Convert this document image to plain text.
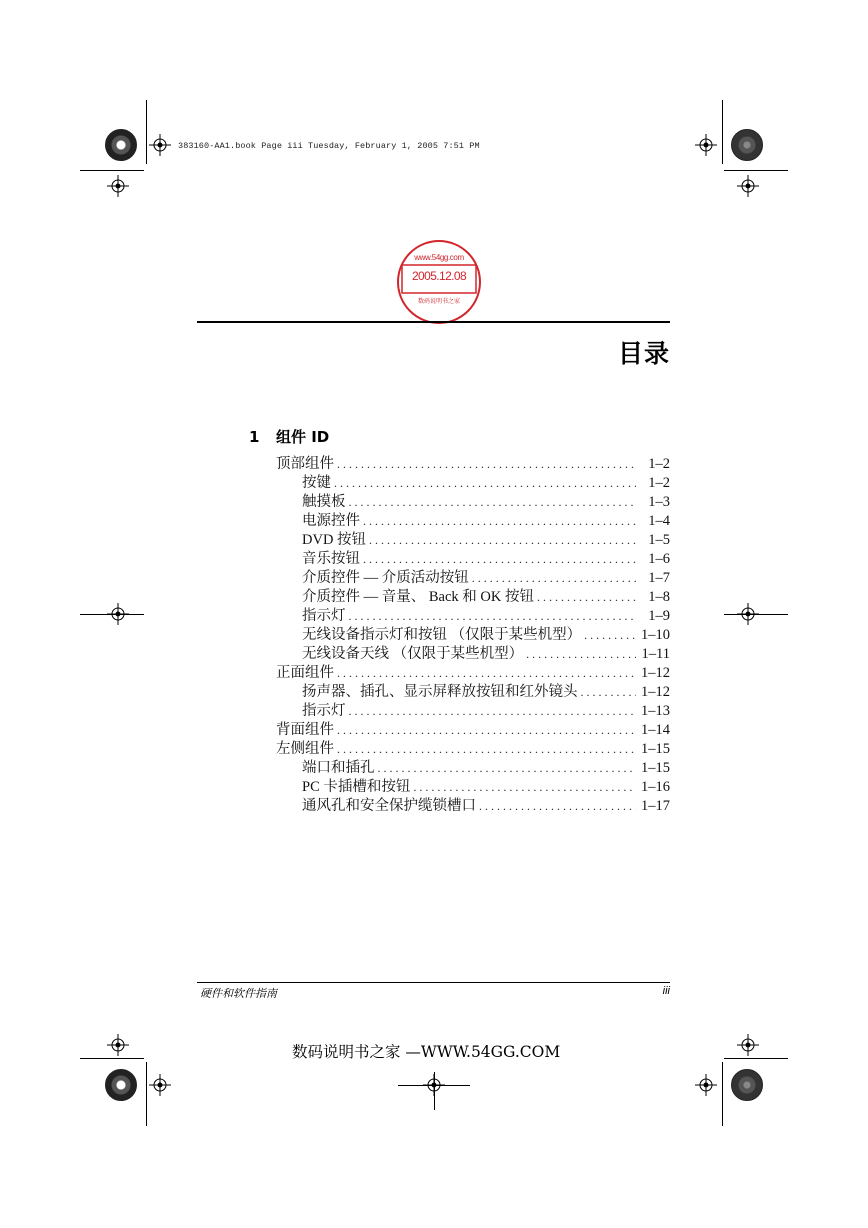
383160-AA1.book Page iii Tuesday, February 1, 2005 7:51 PM
www.54gg.com
2005.12.08
数码说明书之家
目录
1 组件 ID
顶部组件 . . .	1–2
按键 . . .	1–2
触摸板 . . .	1–3
电源控件 . . .	1–4
DVD 按钮 . . .	1–5
音乐按钮 . . .	1–6
介质控件 — 介质活动按钮 . . .	1–7
介质控件 — 音量、 Back 和 OK 按钮 . . .	1–8
指示灯 . . .	1–9
无线设备指示灯和按钮 （仅限于某些机型） . . .	1–10
无线设备天线 （仅限于某些机型） . . .	1–11
正面组件 . . .	1–12
扬声器、插孔、显示屏释放按钮和红外镜头 . . .	1–12
指示灯 . . .	1–13
背面组件 . . .	1–14
左侧组件 . . .	1–15
端口和插孔 . . .	1–15
PC 卡插槽和按钮 . . .	1–16
通风孔和安全保护缆锁槽口 . . .	1–17
硬件和软件指南	iii
数码说明书之家 —WWW.54GG.COM
